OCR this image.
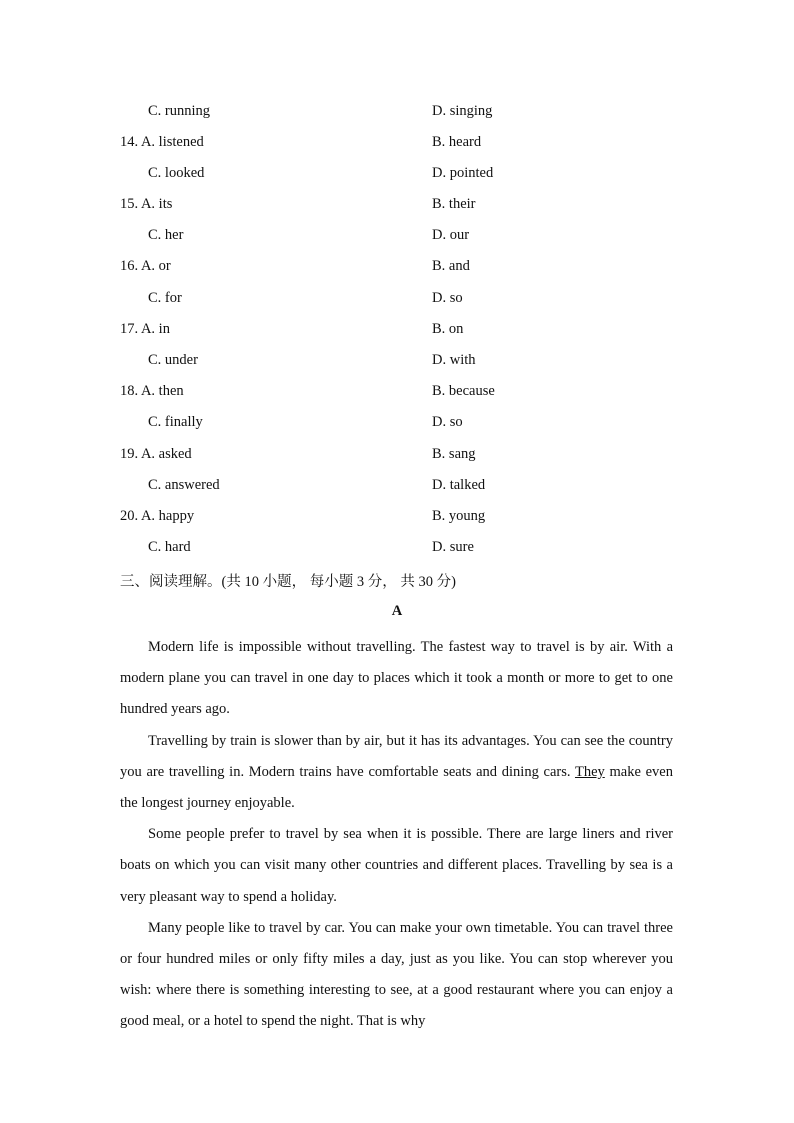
C. running	D. singing
14. A. listened	B. heard
C. looked	D. pointed
15. A. its	B. their
C. her	D. our
16. A. or	B. and
C. for	D. so
17. A. in	B. on
C. under	D. with
18. A. then	B. because
C. finally	D. so
19. A. asked	B. sang
C. answered	D. talked
20. A. happy	B. young
C. hard	D. sure
三、阅读理解。(共 10 小题， 每小题 3 分， 共 30 分)
A

Modern life is impossible without travelling. The fastest way to travel is by air. With a modern plane you can travel in one day to places which it took a month or more to get to one hundred years ago.

Travelling by train is slower than by air, but it has its advantages. You can see the country you are travelling in. Modern trains have comfortable seats and dining cars. They make even the longest journey enjoyable.

Some people prefer to travel by sea when it is possible. There are large liners and river boats on which you can visit many other countries and different places. Travelling by sea is a very pleasant way to spend a holiday.

Many people like to travel by car. You can make your own timetable. You can travel three or four hundred miles or only fifty miles a day, just as you like. You can stop wherever you wish: where there is something interesting to see, at a good restaurant where you can enjoy a good meal, or a hotel to spend the night. That is why
